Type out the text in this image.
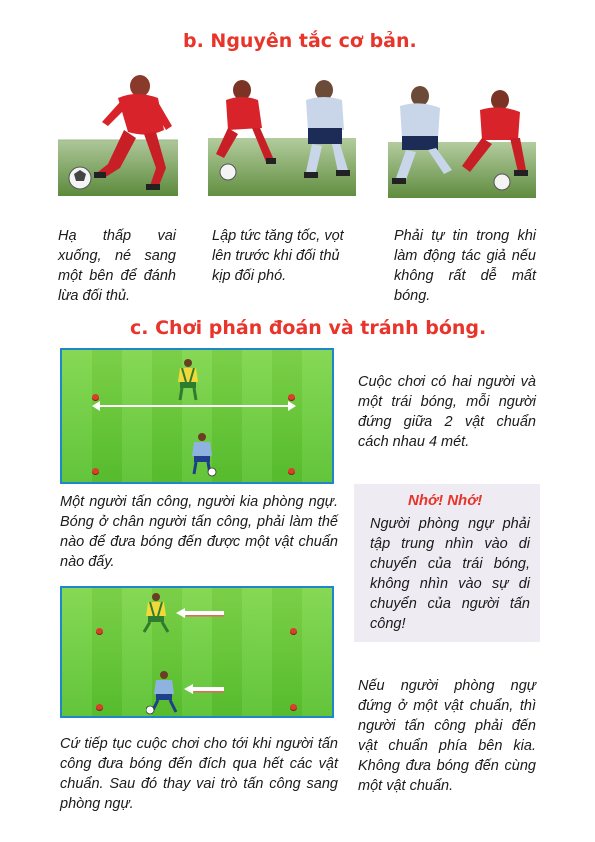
b. Nguyên tắc cơ bản.
Hạ thấp vai xuống, né sang một bên để đánh lừa đối thủ.
Lập tức tăng tốc, vọt lên trước khi đối thủ kịp đối phó.
Phải tự tin trong khi làm động tác giả nếu không rất dễ mất bóng.
c. Chơi phán đoán và tránh bóng.
Cuộc chơi có hai người và một trái bóng, mỗi người đứng giữa 2 vật chuẩn cách nhau 4 mét.
Một người tấn công, người kia phòng ngự. Bóng ở chân người tấn công, phải làm thế nào để đưa bóng đến được một vật chuẩn nào đấy.
Nhớ! Nhớ!
Người phòng ngự phải tập trung nhìn vào di chuyển của trái bóng, không nhìn vào sự di chuyển của người tấn công!
Nếu người phòng ngự đứng ở một vật chuẩn, thì người tấn công phải đến vật chuẩn phía bên kia. Không đưa bóng đến cùng một vật chuẩn.
Cứ tiếp tục cuộc chơi cho tới khi người tấn công đưa bóng đến đích qua hết các vật chuẩn. Sau đó thay vai trò tấn công sang phòng ngự.
